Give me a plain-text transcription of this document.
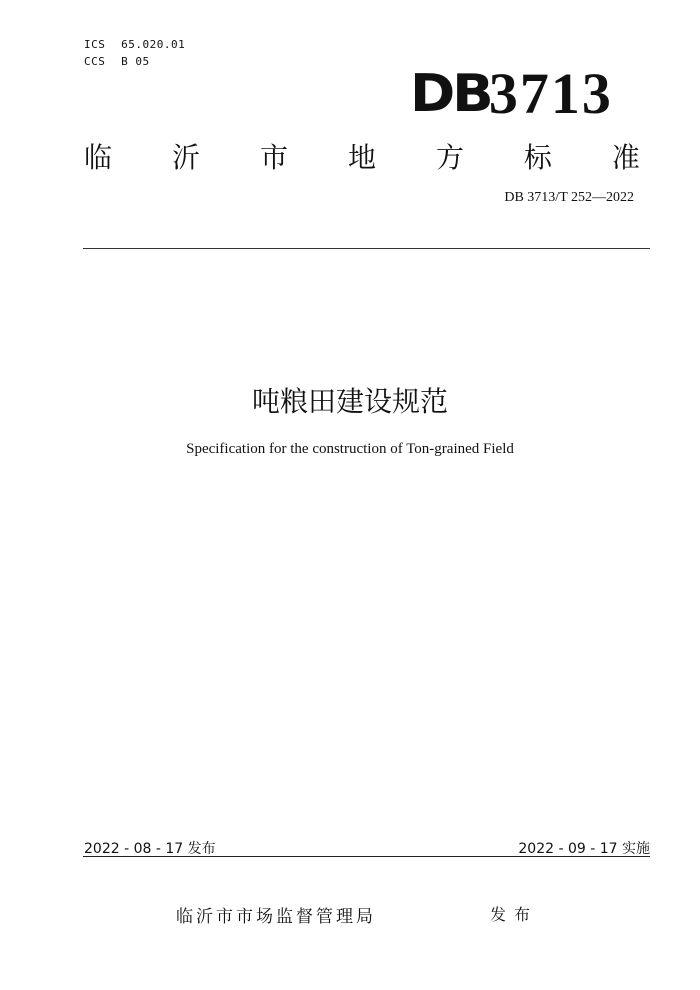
ICS 65.020.01
CCS B 05
DB
3713
临 沂 市 地 方 标 准
DB 3713/T 252—2022
吨粮田建设规范
Specification for the construction of Ton-grained Field
2022 - 08 - 17 发布	2022 - 09 - 17 实施
临沂市市场监督管理局	发布
